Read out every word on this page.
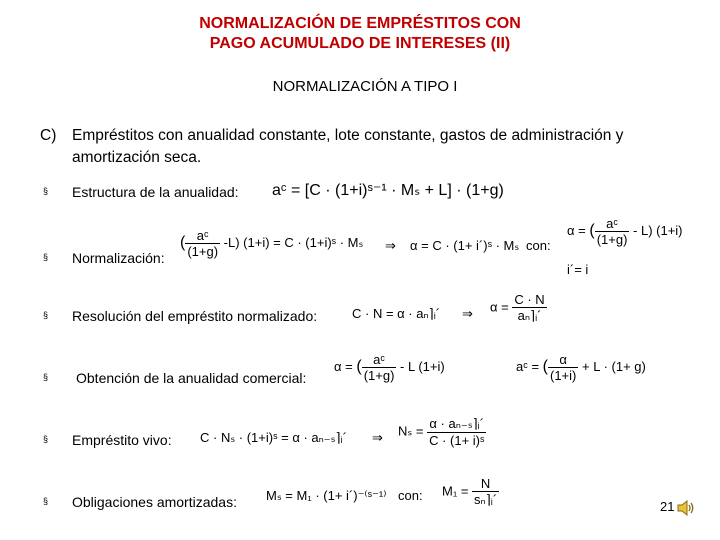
NORMALIZACIÓN DE EMPRÉSTITOS CON
PAGO ACUMULADO DE INTERESES (II)
NORMALIZACIÓN A TIPO I
C) Empréstitos con anualidad constante, lote constante, gastos de administración y amortización seca.
§ Estructura de la anualidad: aᶜ = [C · (1+i)ˢ⁻¹ · Mₛ + L] · (1+g)
§ Normalización:
( $\frac{\text{aᶜ}}{(1+g)} -L$) (1+i) = C · (1+i)ˢ · Mₛ ⇒ α = C · (1+ i´)ˢ · Mₛ con:
α = ( $\frac{\text{aᶜ}}{(1+g)} - L$) (1+i)
i´= i
§ Resolución del empréstito normalizado:	C · N = α · aₙ⌉ᵢ´ ⇒ $\alpha = \frac{C \cdot N}{\text{aₙ⌉ᵢ´}}$
§ Obtención de la anualidad comercial:
α = ( $\frac{\text{aᶜ}}{(1+g)}$ - L (1+i)	aᶜ = ( $\frac{\alpha}{(1+i)} + L \cdot (1+ g)$
§ Empréstito vivo: C · Nₛ · (1+i)ˢ = α · aₙ₋ₛ⌉ᵢ´ ⇒ $N_s = \frac{\text{α · aₙ₋ₛ⌉ᵢ´}}{\text{C · (1+ i)ˢ}}$
§ Obligaciones amortizadas: Mₛ = M₁ · (1+ i´)⁻⁽ˢ⁻¹⁾ con: $M_1 = \frac{N}{\text{sₙ⌉ᵢ´}}$	21
